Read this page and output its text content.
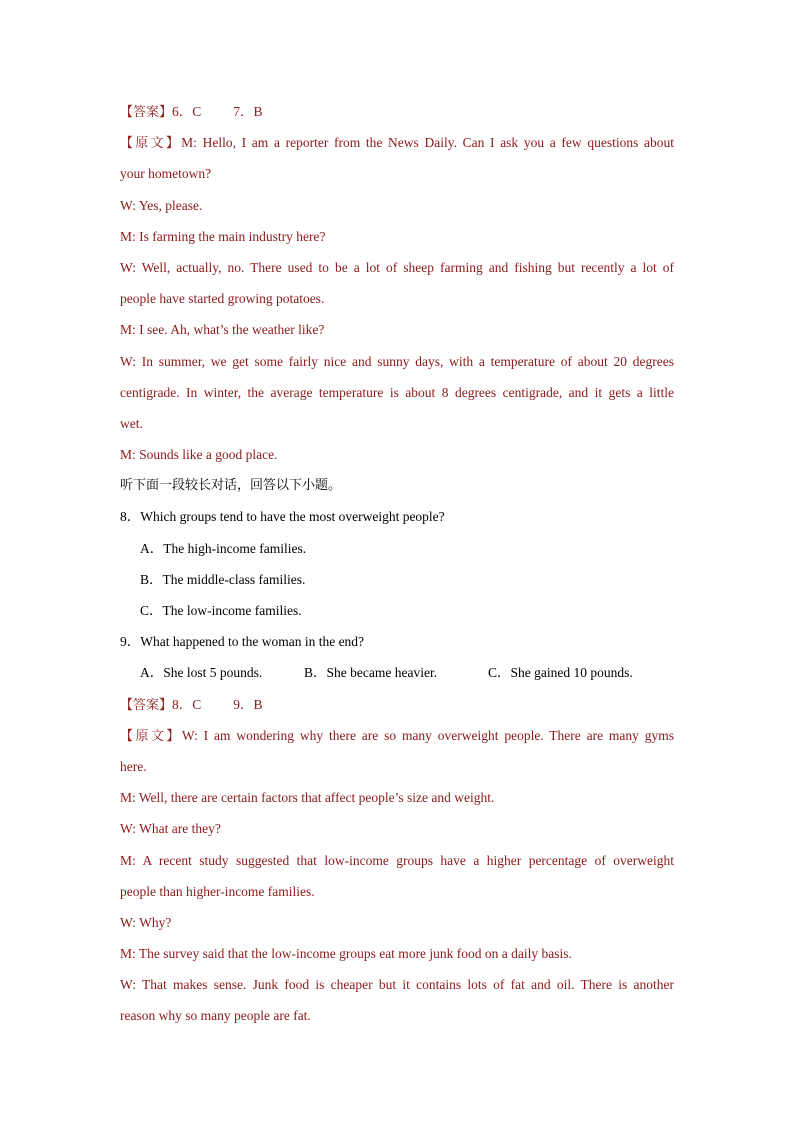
【答案】6．C 7．B
【原文】M: Hello, I am a reporter from the News Daily. Can I ask you a few questions about
your hometown?
W: Yes, please.
M: Is farming the main industry here?
W: Well, actually, no. There used to be a lot of sheep farming and fishing but recently a lot of
people have started growing potatoes.
M: I see. Ah, what’s the weather like?
W: In summer, we get some fairly nice and sunny days, with a temperature of about 20 degrees
centigrade. In winter, the average temperature is about 8 degrees centigrade, and it gets a little
wet.
M: Sounds like a good place.
听下面一段较长对话，回答以下小题。
8．Which groups tend to have the most overweight people?
A．The high-income families.
B．The middle-class families.
C．The low-income families.
9．What happened to the woman in the end?
A．She lost 5 pounds.	B．She became heavier.	C．She gained 10 pounds.
【答案】8．C 9．B
【原文】W: I am wondering why there are so many overweight people. There are many gyms
here.
M: Well, there are certain factors that affect people’s size and weight.
W: What are they?
M: A recent study suggested that low-income groups have a higher percentage of overweight
people than higher-income families.
W: Why?
M: The survey said that the low-income groups eat more junk food on a daily basis.
W: That makes sense. Junk food is cheaper but it contains lots of fat and oil. There is another
reason why so many people are fat.
